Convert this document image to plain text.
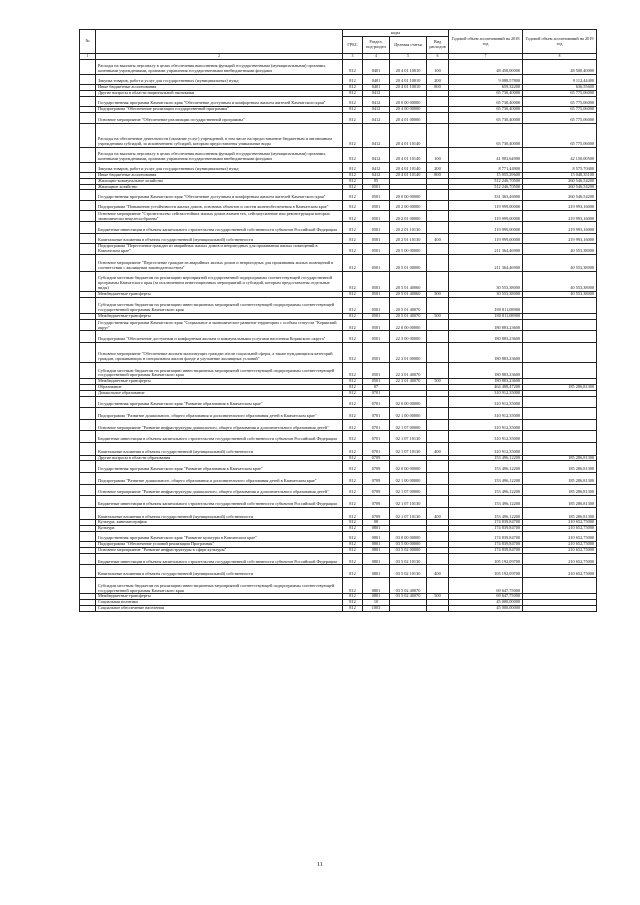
№		коды				Годовой объем ассигнований на 2018 год	Годовой объем ассигнований на 2019 год
		ГРБС	Раздел, под-раздел	Целевая статья	Вид расходов		
1	2	3	4	5	6	7	8
	Расходы на выплаты персоналу в целях обеспечения выполнения функций государственными (муниципальными) органами, казенными учреждениями, органами управления государственными внебюджетными фондами	812	0401	20 4 01 10010	100	48 450,00000	48 500,40000
	Закупка товаров, работ и услуг для государственных (муниципальных) нужд	812	0401	20 4 01 10010	200	9 088,57800	9 112,44400
	Иные бюджетные ассигнования	812	0401	20 4 01 10010	800	659,32200	636,55600
	Другие вопросы в области национальной экономики	812	0412			65 730,40000	65 775,06000
	Государственная программа Камчатского края "Обеспечение доступным и комфортным жильем жителей Камчатского края"	812	0412	20 0 00 00000		65 730,40000	65 775,06000
	Подпрограмма "Обеспечение реализации государственной программы"	812	0412	20 4 00 00000		65 730,40000	65 775,06000
	Основное мероприятие "Обеспечение реализации государственной программы"	812	0412	20 4 01 00000		65 730,40000	65 775,06000
	Расходы на обеспечение деятельности (оказание услуг) учреждений, в том числе на предоставление бюджетным и автономным учреждениям субсидий, за исключением субсидий, которым предоставлены уникальные виды	812	0412	20 4 01 10140		65 730,40000	65 775,06000
	Расходы на выплаты персоналу в целях обеспечения выполнения функций государственными (муниципальными) органами, казенными учреждениями, органами управления государственными внебюджетными фондами	812	0412	20 4 01 10140	100	41 903,64900	42 150,00500
	Закупка товаров, работ и услуг для государственных (муниципальных) нужд	812	0412	20 4 01 10140	200	8 771,44900	8 575,70400
	Иные бюджетные ассигнования	812	0412	20 4 01 10140	800	15 055,29600	15 048,35100
	Жилищно-коммунальное хозяйство	812	05			512 246,70500	260 546,54200
	Жилищное хозяйство	812	0501			512 246,70500	260 546,54200
	Государственная программа Камчатского края "Обеспечение доступным и комфортным жильем жителей Камчатского края"	812	0501	20 0 00 00000		331 363,46900	260 546,54200
	Подпрограмма "Повышение устойчивости жилых домов, основных объектов и систем жизнеобеспечения в Камчатском крае"	812	0501	20 2 00 00000		119 999,00000	219 993,16000
	Основное мероприятие "Строительство сейсмостойких жилых домов взамен тех, сейсмоусиление или реконструкция которых экономически нецелесообразны"	812	0501	20 2 01 00000		119 999,00000	219 993,16000
	Бюджетные инвестиции в объекты капитального строительства государственной собственности субъектов Российской Федерации	812	0501	20 2 01 10130		119 999,00000	219 993,16000
	Капитальные вложения в объекты государственной (муниципальной) собственности	812	0501	20 2 01 10130	400	119 999,00000	219 993,16000
	Подпрограмма "Переселение граждан из аварийных жилых домов и непригодных для проживания жилых помещений в Камчатском крае"	812	0501	20 5 00 00000		211 364,46900	40 553,38000
	Основное мероприятие "Переселение граждан из аварийных жилых домов и непригодных для проживания жилых помещений в соответствии с жилищным законодательством"	812	0501	20 5 01 00000		211 364,46900	40 553,38000
	Субсидии местным бюджетам на реализацию мероприятий государственной подпрограммы соответствующей государственной программы Камчатского края (за исключением инвестиционных мероприятий и субсидий, которым предоставлены отдельные виды)	812	0501	20 5 01 40060		30 553,38000	40 553,38000
	Межбюджетные трансферты	812	0501	20 5 01 40060	500	30 553,38000	40 553,38000
	Субсидии местным бюджетам на реализацию инвестиционных мероприятий соответствующей подпрограммы соответствующей государственной программы Камчатского края	812	0501	20 5 01 40070		180 811,08900	
	Межбюджетные трансферты	812	0501	20 5 01 40070	500	180 811,08900	
	Государственная программа Камчатского края "Социальное и экономическое развитие территории с особым статусом "Корякский округ"	812	0501	22 0 00 00000		180 883,23600	
	Подпрограмма "Обеспечение доступным и комфортным жильем и коммунальными услугами населения Корякского округа"	812	0501	22 3 00 00000		180 883,23600	
	Основное мероприятие "Обеспечение жильем малоимущих граждан и/или социальной сферы, а также нуждающихся категорий граждан, проживающих в специальном жилом фонде и улучшение жилищных условий"	812	0501	22 3 01 00000		180 883,23600	
	Субсидии местным бюджетам на реализацию инвестиционных мероприятий соответствующей подпрограммы соответствующей государственной программы Камчатского края	812	0501	22 3 01 40070		180 883,23600	
	Межбюджетные трансферты	812	0501	22 3 01 40070	500	180 883,23600	
	Образование	812	07			464 408,47200	185 286,81300
	Дошкольное образование	812	0701			310 912,35000	
	Государственная программа Камчатского края "Развитие образования в Камчатском крае"	812	0701	02 0 00 00000		310 912,35000	
	Подпрограмма "Развитие дошкольного, общего образования и дополнительного образования детей в Камчатском крае"	812	0701	02 1 00 00000		310 912,35000	
	Основное мероприятие "Развитие инфраструктуры дошкольного, общего образования и дополнительного образования детей"	812	0701	02 1 07 00000		310 912,35000	
	Бюджетные инвестиции в объекты капитального строительства государственной собственности субъектов Российской Федерации	812	0701	02 1 07 10130		310 912,35000	
	Капитальные вложения в объекты государственной (муниципальной) собственности	812	0701	02 1 07 10130	400	310 912,35000	
	Другие вопросы в области образования	812	0709			153 496,12200	185 286,81300
	Государственная программа Камчатского края "Развитие образования в Камчатском крае"	812	0709	02 0 00 00000		153 496,12200	185 286,81300
	Подпрограмма "Развитие дошкольного, общего образования и дополнительного образования детей в Камчатском крае"	812	0709	02 1 00 00000		153 496,12200	185 286,81300
	Основное мероприятие "Развитие инфраструктуры дошкольного, общего образования и дополнительного образования детей"	812	0709	02 1 07 00000		153 496,12200	185 286,81300
	Бюджетные инвестиции в объекты капитального строительства государственной собственности субъектов Российской Федерации	812	0709	02 1 07 10130		153 496,12200	185 286,81300
	Капитальные вложения в объекты государственной (муниципальной) собственности	812	0709	02 1 07 10130	400	153 496,12200	185 286,81300
	Культура, кинематография	812	08			174 839,84700	210 652,75000
	Культура	812	0801			174 839,84700	210 652,75000
	Государственная программа Камчатского края "Развитие культуры в Камчатском крае"	812	0801	03 0 00 00000		174 839,84700	210 652,75000
	Подпрограмма "Обеспечение условий реализации Программы"	812	0801	03 5 00 00000		174 839,84700	210 652,75000
	Основное мероприятие "Развитие инфраструктуры в сфере культуры"	812	0801	03 5 02 00000		174 839,84700	210 652,75000
	Бюджетные инвестиции в объекты капитального строительства государственной собственности субъектов Российской Федерации	812	0801	03 5 02 10130		105 192,09700	210 652,75000
	Капитальные вложения в объекты государственной (муниципальной) собственности	812	0801	03 5 02 10130	400	105 192,09700	210 652,75000
	Субсидии местным бюджетам на реализацию инвестиционных мероприятий соответствующей подпрограммы соответствующей государственной программы Камчатского края	812	0801	03 5 02 40070		69 647,75000	
	Межбюджетные трансферты	812	0801	03 5 02 40070	500	69 647,75000	
	Социальная политика	812	10			45 000,00000	
	Социальное обеспечение населения	812	1003			45 000,00000	
11
